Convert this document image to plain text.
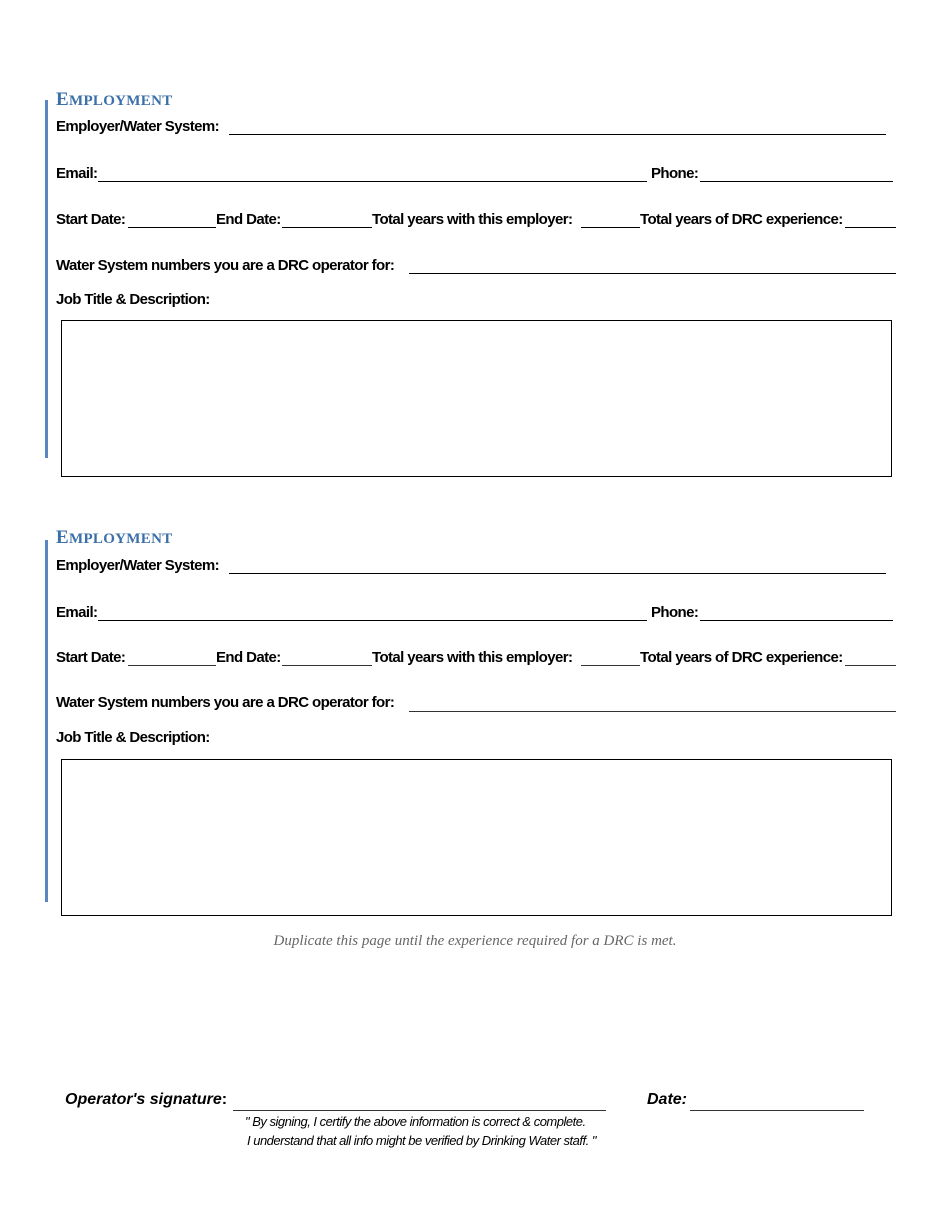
EMPLOYMENT
Employer/Water System:
Email:	Phone:
Start Date:	End Date:	Total years with this employer:	Total years of DRC experience:
Water System numbers you are a DRC operator for:
Job Title & Description:
EMPLOYMENT
Employer/Water System:
Email:	Phone:
Start Date:	End Date:	Total years with this employer:	Total years of DRC experience:
Water System numbers you are a DRC operator for:
Job Title & Description:
Duplicate this page until the experience required for a DRC is met.
Operator's signature:	Date:
" By signing, I certify the above information is correct & complete.
I understand that all info might be verified by Drinking Water staff. "
